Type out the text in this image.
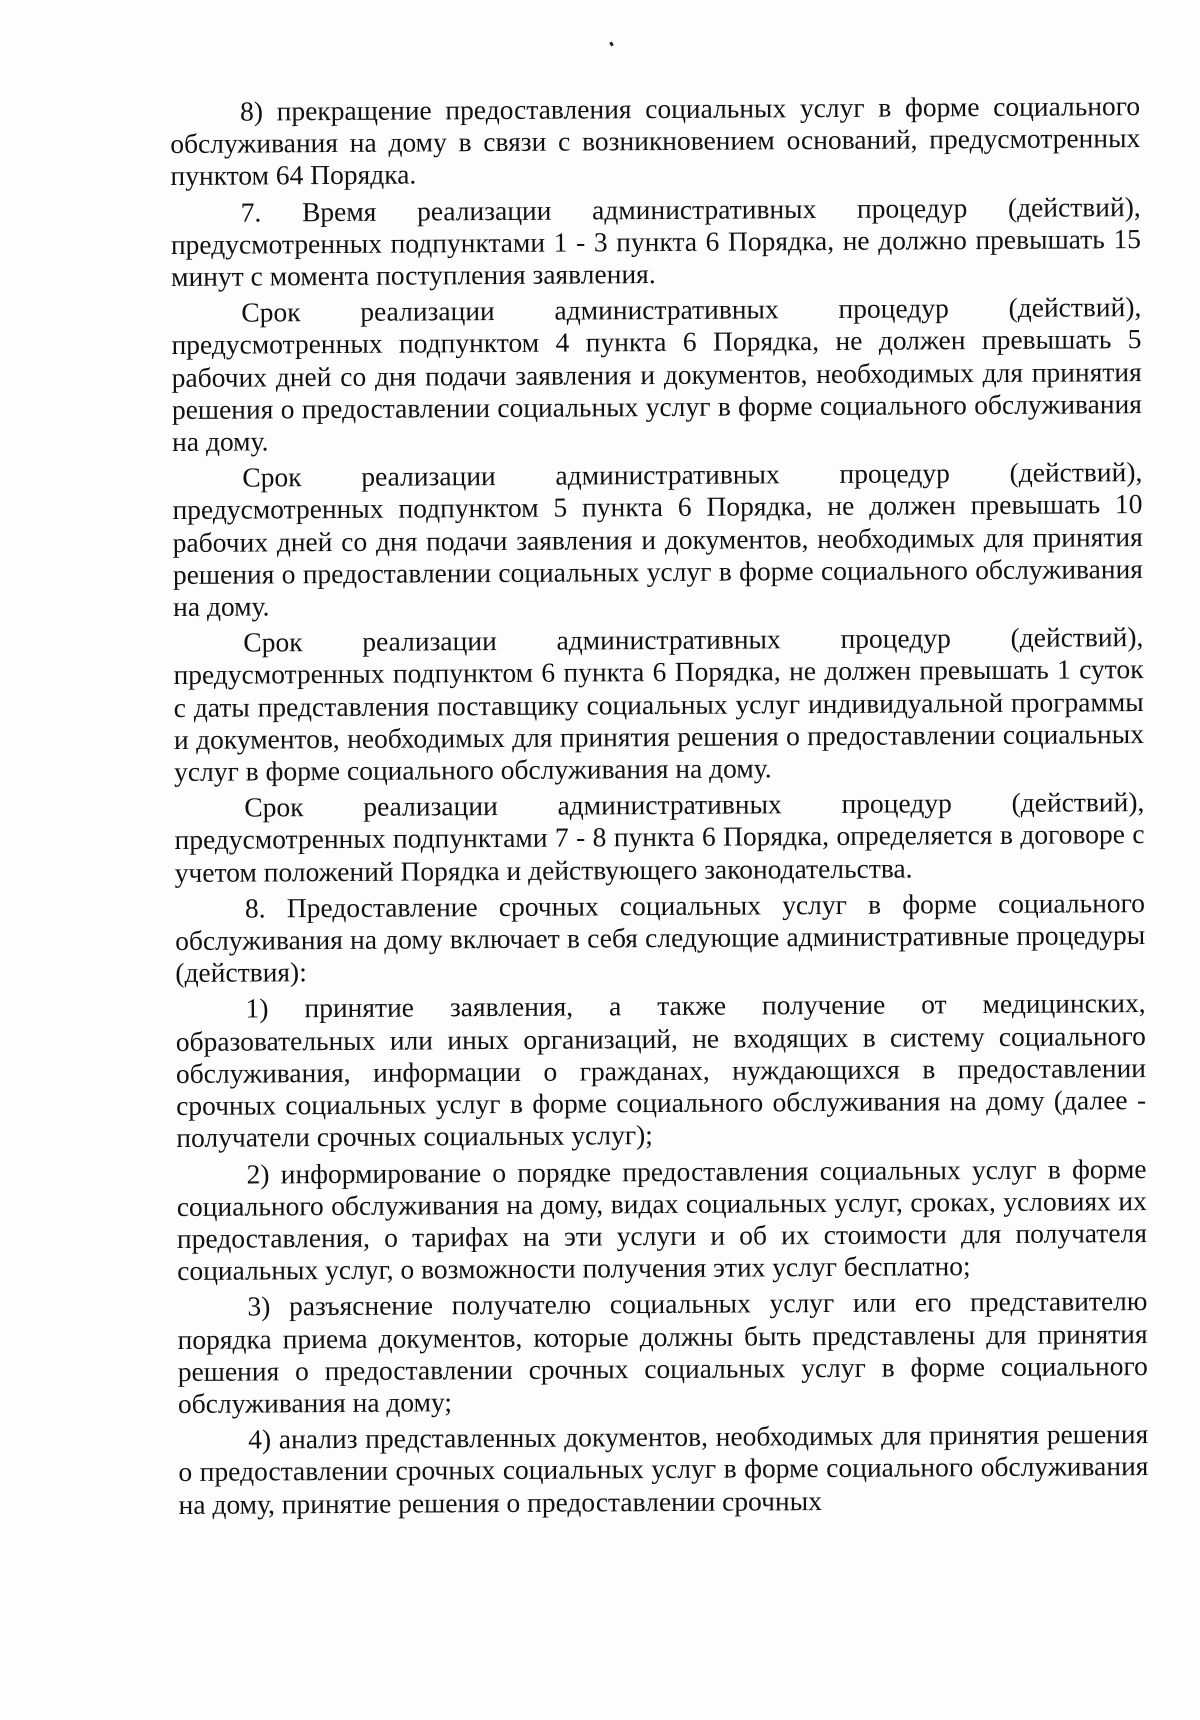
8) прекращение предоставления социальных услуг в форме социального обслуживания на дому в связи с возникновением оснований, предусмотренных пунктом 64 Порядка.

7. Время реализации административных процедур (действий), предусмотренных подпунктами 1 - 3 пункта 6 Порядка, не должно превышать 15 минут с момента поступления заявления.

Срок реализации административных процедур (действий), предусмотренных подпунктом 4 пункта 6 Порядка, не должен превышать 5 рабочих дней со дня подачи заявления и документов, необходимых для принятия решения о предоставлении социальных услуг в форме социального обслуживания на дому.

Срок реализации административных процедур (действий), предусмотренных подпунктом 5 пункта 6 Порядка, не должен превышать 10 рабочих дней со дня подачи заявления и документов, необходимых для принятия решения о предоставлении социальных услуг в форме социального обслуживания на дому.

Срок реализации административных процедур (действий), предусмотренных подпунктом 6 пункта 6 Порядка, не должен превышать 1 суток с даты представления поставщику социальных услуг индивидуальной программы и документов, необходимых для принятия решения о предоставлении социальных услуг в форме социального обслуживания на дому.

Срок реализации административных процедур (действий), предусмотренных подпунктами 7 - 8 пункта 6 Порядка, определяется в договоре с учетом положений Порядка и действующего законодательства.

8. Предоставление срочных социальных услуг в форме социального обслуживания на дому включает в себя следующие административные процедуры (действия):

1) принятие заявления, а также получение от медицинских, образовательных или иных организаций, не входящих в систему социального обслуживания, информации о гражданах, нуждающихся в предоставлении срочных социальных услуг в форме социального обслуживания на дому (далее - получатели срочных социальных услуг);

2) информирование о порядке предоставления социальных услуг в форме социального обслуживания на дому, видах социальных услуг, сроках, условиях их предоставления, о тарифах на эти услуги и об их стоимости для получателя социальных услуг, о возможности получения этих услуг бесплатно;

3) разъяснение получателю социальных услуг или его представителю порядка приема документов, которые должны быть представлены для принятия решения о предоставлении срочных социальных услуг в форме социального обслуживания на дому;

4) анализ представленных документов, необходимых для принятия решения о предоставлении срочных социальных услуг в форме социального обслуживания на дому, принятие решения о предоставлении срочных
